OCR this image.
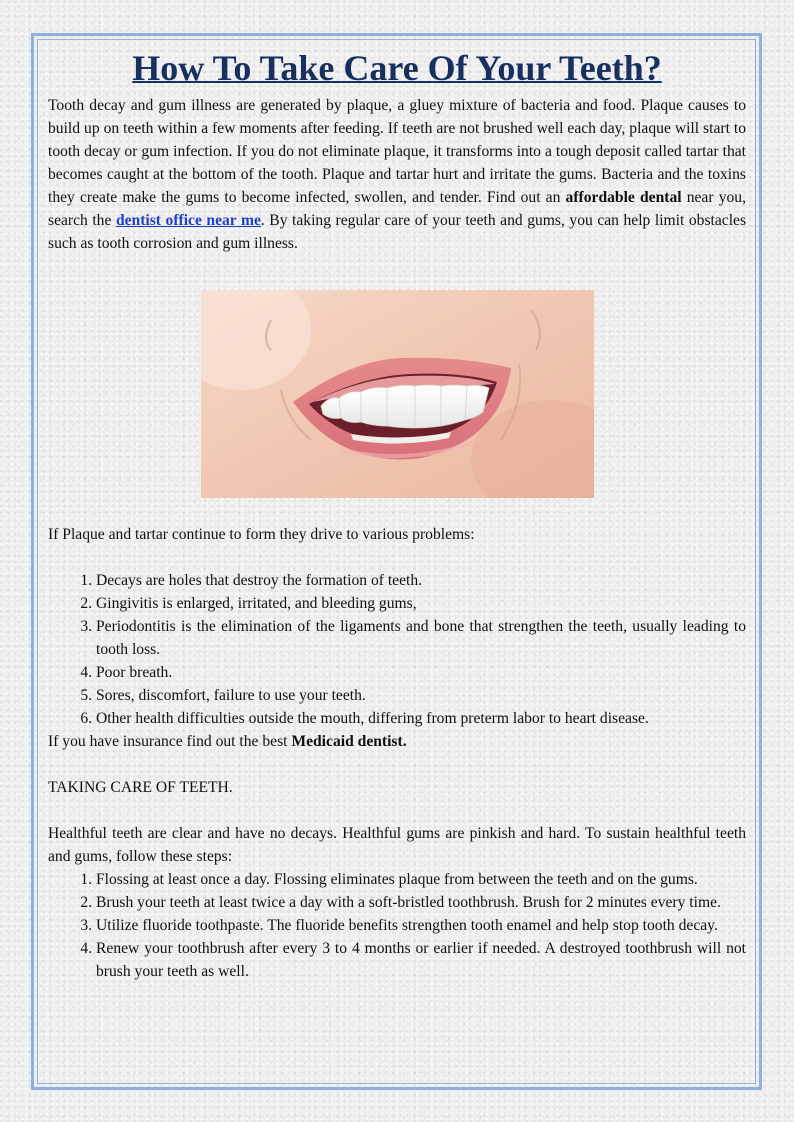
How To Take Care Of Your Teeth?

Tooth decay and gum illness are generated by plaque, a gluey mixture of bacteria and food. Plaque causes to build up on teeth within a few moments after feeding. If teeth are not brushed well each day, plaque will start to tooth decay or gum infection. If you do not eliminate plaque, it transforms into a tough deposit called tartar that becomes caught at the bottom of the tooth. Plaque and tartar hurt and irritate the gums. Bacteria and the toxins they create make the gums to become infected, swollen, and tender. Find out an affordable dental near you, search the dentist office near me. By taking regular care of your teeth and gums, you can help limit obstacles such as tooth corrosion and gum illness.

If Plaque and tartar continue to form they drive to various problems:

1. Decays are holes that destroy the formation of teeth.
2. Gingivitis is enlarged, irritated, and bleeding gums,
3. Periodontitis is the elimination of the ligaments and bone that strengthen the teeth, usually leading to tooth loss.
4. Poor breath.
5. Sores, discomfort, failure to use your teeth.
6. Other health difficulties outside the mouth, differing from preterm labor to heart disease.

If you have insurance find out the best Medicaid dentist.

TAKING CARE OF TEETH.

Healthful teeth are clear and have no decays. Healthful gums are pinkish and hard. To sustain healthful teeth and gums, follow these steps:

1. Flossing at least once a day. Flossing eliminates plaque from between the teeth and on the gums.
2. Brush your teeth at least twice a day with a soft-bristled toothbrush. Brush for 2 minutes every time.
3. Utilize fluoride toothpaste. The fluoride benefits strengthen tooth enamel and help stop tooth decay.
4. Renew your toothbrush after every 3 to 4 months or earlier if needed. A destroyed toothbrush will not brush your teeth as well.
